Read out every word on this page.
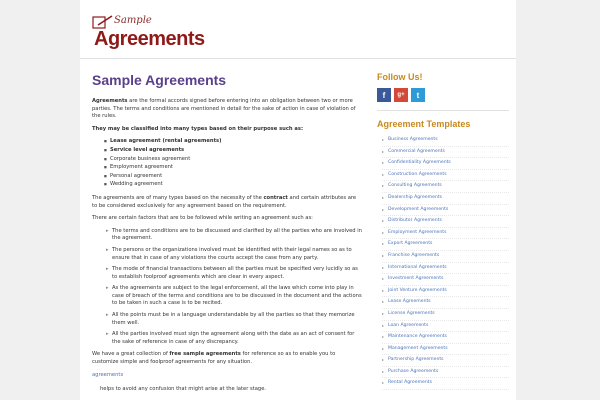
Sample
Agreements
Sample Agreements

Agreements are the formal accords signed before entering into an obligation between two or more parties. The terms and conditions are mentioned in detail for the sake of action in case of violation of the rules.

They may be classified into many types based on their purpose such as:

■ Lease agreement (rental agreements)
■ Service level agreements
■ Corporate business agreement
■ Employment agreement
■ Personal agreement
■ Wedding agreement

The agreements are of many types based on the necessity of the contract and certain attributes are to be considered exclusively for any agreement based on the requirement.

There are certain factors that are to be followed while writing an agreement such as:

▸ The terms and conditions are to be discussed and clarified by all the parties who are involved in the agreement.
▸ The persons or the organizations involved must be identified with their legal names so as to ensure that in case of any violations the courts accept the case from any party.
▸ The mode of financial transactions between all the parties must be specified very lucidly so as to establish foolproof agreements which are clear in every aspect.
▸ As the agreements are subject to the legal enforcement, all the laws which come into play in case of breach of the terms and conditions are to be discussed in the document and the actions to be taken in such a case is to be recited.
▸ All the points must be in a language understandable by all the parties so that they memorize them well.
▸ All the parties involved must sign the agreement along with the date as an act of consent for the sake of reference in case of any discrepancy.

We have a great collection of free sample agreements for reference so as to enable you to customize simple and foolproof agreements for any situation.

agreements

helps to avoid any confusion that might arise at the later stage.

Follow Us!
f	g+	t
Agreement Templates
▸ Business Agreements
▸ Commercial Agreements
▸ Confidentiality Agreements
▸ Construction Agreements
▸ Consulting Agreements
▸ Dealership Agreements
▸ Development Agreements
▸ Distributor Agreements
▸ Employment Agreements
▸ Export Agreements
▸ Franchise Agreements
▸ International Agreements
▸ Investment Agreements
▸ Joint Venture Agreements
▸ Lease Agreements
▸ License Agreements
▸ Loan Agreements
▸ Maintenance Agreements
▸ Management Agreements
▸ Partnership Agreements
▸ Purchase Agreements
▸ Rental Agreements
